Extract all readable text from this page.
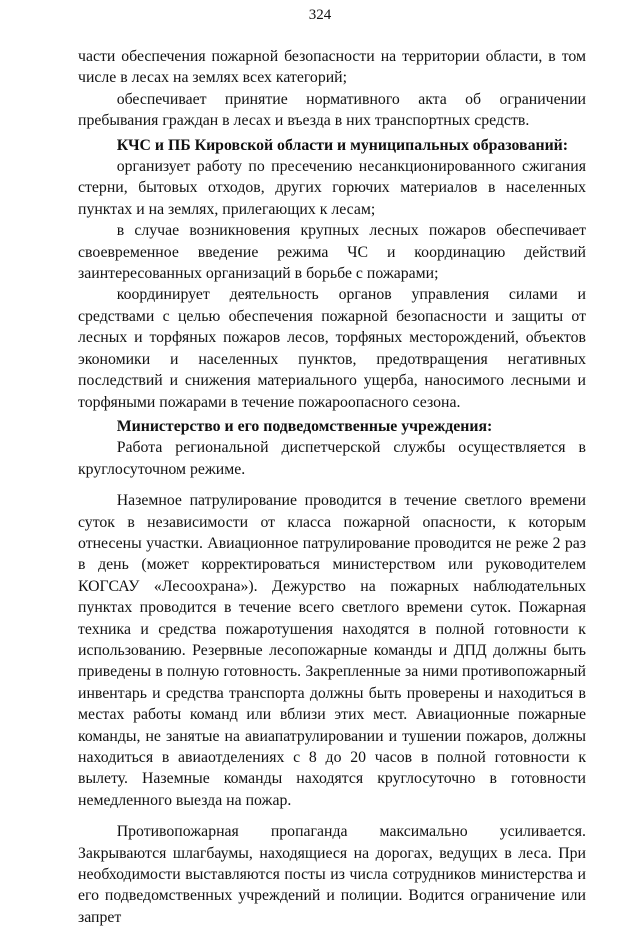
324

части обеспечения пожарной безопасности на территории области, в том числе в лесах на землях всех категорий;

обеспечивает принятие нормативного акта об ограничении пребывания граждан в лесах и въезда в них транспортных средств.

КЧС и ПБ Кировской области и муниципальных образований:

организует работу по пресечению несанкционированного сжигания стерни, бытовых отходов, других горючих материалов в населенных пунктах и на землях, прилегающих к лесам;

в случае возникновения крупных лесных пожаров обеспечивает своевременное введение режима ЧС и координацию действий заинтересованных организаций в борьбе с пожарами;

координирует деятельность органов управления силами и средствами с целью обеспечения пожарной безопасности и защиты от лесных и торфяных пожаров лесов, торфяных месторождений, объектов экономики и населенных пунктов, предотвращения негативных последствий и снижения материального ущерба, наносимого лесными и торфяными пожарами в течение пожароопасного сезона.

Министерство и его подведомственные учреждения:

Работа региональной диспетчерской службы осуществляется в круглосуточном режиме.

Наземное патрулирование проводится в течение светлого времени суток в независимости от класса пожарной опасности, к которым отнесены участки. Авиационное патрулирование проводится не реже 2 раз в день (может корректироваться министерством или руководителем КОГСАУ «Лесоохрана»). Дежурство на пожарных наблюдательных пунктах проводится в течение всего светлого времени суток. Пожарная техника и средства пожаротушения находятся в полной готовности к использованию. Резервные лесопожарные команды и ДПД должны быть приведены в полную готовность. Закрепленные за ними противопожарный инвентарь и средства транспорта должны быть проверены и находиться в местах работы команд или вблизи этих мест. Авиационные пожарные команды, не занятые на авиапатрулировании и тушении пожаров, должны находиться в авиаотделениях с 8 до 20 часов в полной готовности к вылету. Наземные команды находятся круглосуточно в готовности немедленного выезда на пожар.

Противопожарная пропаганда максимально усиливается. Закрываются шлагбаумы, находящиеся на дорогах, ведущих в леса. При необходимости выставляются посты из числа сотрудников министерства и его подведомственных учреждений и полиции. Водится ограничение или запрет
